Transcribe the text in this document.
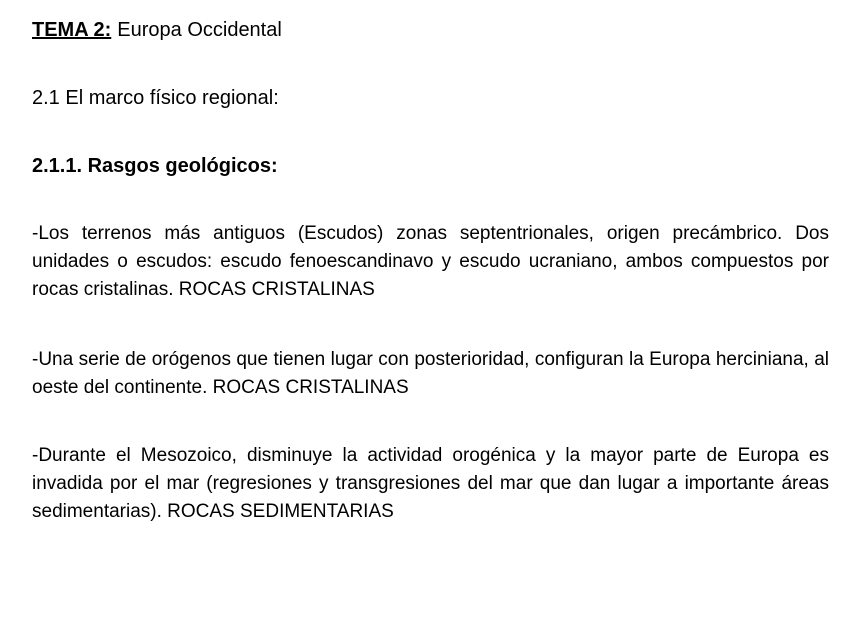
TEMA 2: Europa Occidental

2.1 El marco físico regional:

2.1.1. Rasgos geológicos:

-Los terrenos más antiguos (Escudos) zonas septentrionales, origen precámbrico. Dos unidades o escudos: escudo fenoescandinavo y escudo ucraniano, ambos compuestos por rocas cristalinas. ROCAS CRISTALINAS

-Una serie de orógenos que tienen lugar con posterioridad, configuran la Europa herciniana, al oeste del continente. ROCAS CRISTALINAS

-Durante el Mesozoico, disminuye la actividad orogénica y la mayor parte de Europa es invadida por el mar (regresiones y transgresiones del mar que dan lugar a importante áreas sedimentarias). ROCAS SEDIMENTARIAS
